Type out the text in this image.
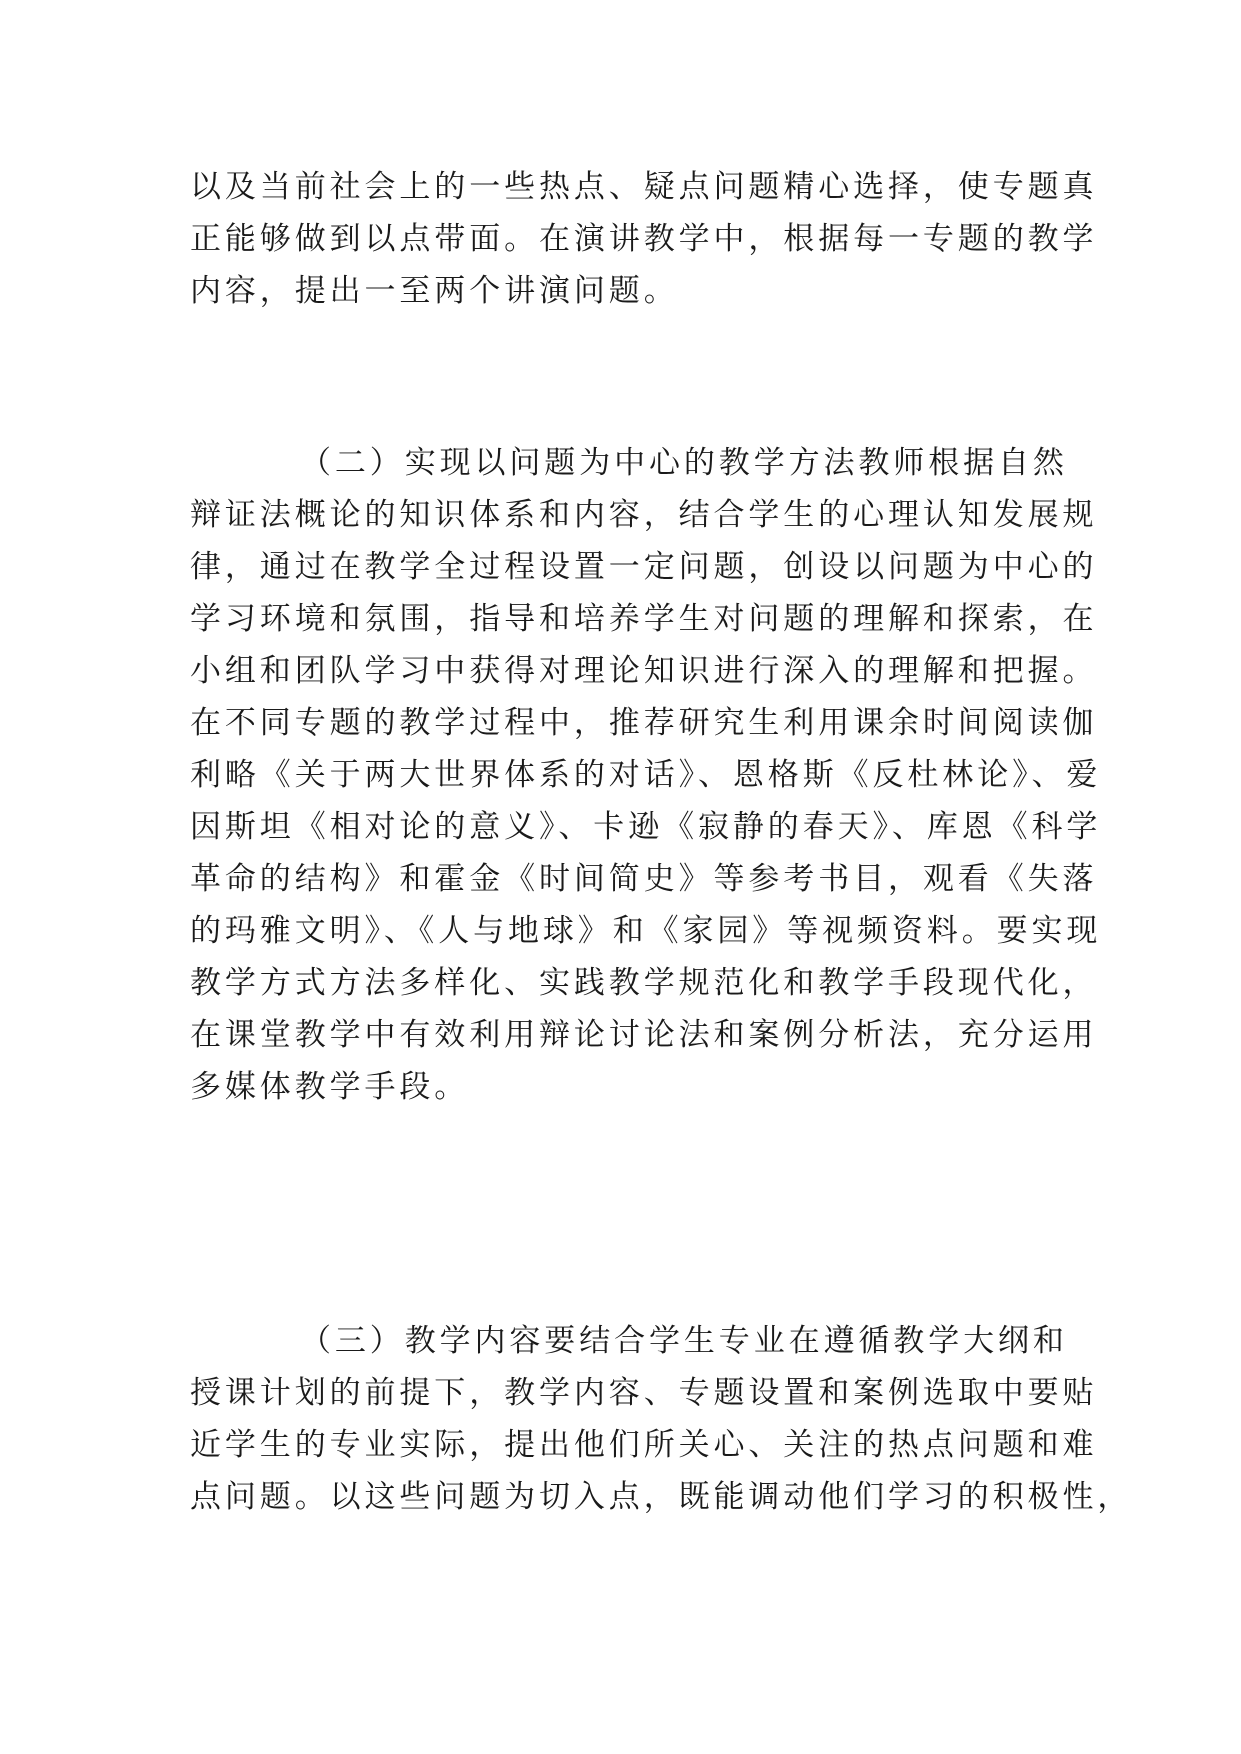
以及当前社会上的一些热点、疑点问题精心选择，使专题真
正能够做到以点带面。在演讲教学中，根据每一专题的教学
内容，提出一至两个讲演问题。
（二）实现以问题为中心的教学方法教师根据自然
辩证法概论的知识体系和内容，结合学生的心理认知发展规
律，通过在教学全过程设置一定问题，创设以问题为中心的
学习环境和氛围，指导和培养学生对问题的理解和探索，在
小组和团队学习中获得对理论知识进行深入的理解和把握。
在不同专题的教学过程中，推荐研究生利用课余时间阅读伽
利略《关于两大世界体系的对话》、恩格斯《反杜林论》、爱
因斯坦《相对论的意义》、卡逊《寂静的春天》、库恩《科学
革命的结构》和霍金《时间简史》等参考书目，观看《失落
的玛雅文明》、《人与地球》和《家园》等视频资料。要实现
教学方式方法多样化、实践教学规范化和教学手段现代化，
在课堂教学中有效利用辩论讨论法和案例分析法，充分运用
多媒体教学手段。
（三）教学内容要结合学生专业在遵循教学大纲和
授课计划的前提下，教学内容、专题设置和案例选取中要贴
近学生的专业实际，提出他们所关心、关注的热点问题和难
点问题。以这些问题为切入点，既能调动他们学习的积极性，
